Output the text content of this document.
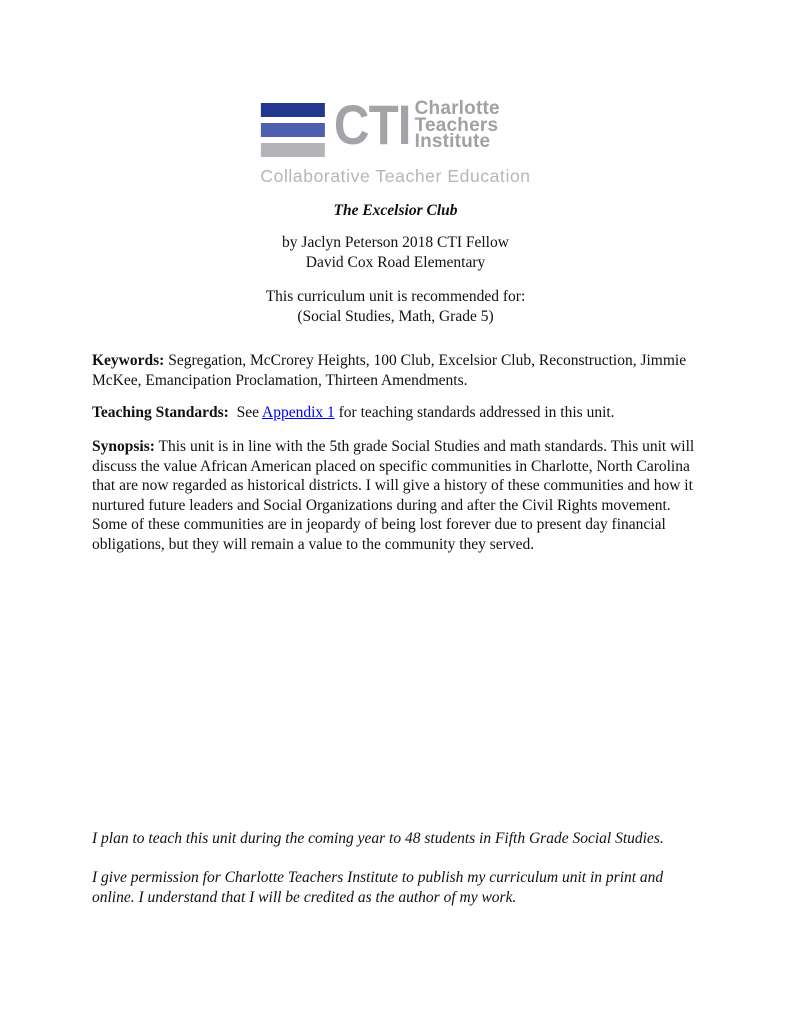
CTI Charlotte
Teachers
Institute
Collaborative Teacher Education
The Excelsior Club
by Jaclyn Peterson 2018 CTI Fellow
David Cox Road Elementary
This curriculum unit is recommended for:
(Social Studies, Math, Grade 5)
Keywords: Segregation, McCrorey Heights, 100 Club, Excelsior Club, Reconstruction, Jimmie McKee, Emancipation Proclamation, Thirteen Amendments.
Teaching Standards: See Appendix 1 for teaching standards addressed in this unit.
Synopsis: This unit is in line with the 5th grade Social Studies and math standards. This unit will discuss the value African American placed on specific communities in Charlotte, North Carolina that are now regarded as historical districts. I will give a history of these communities and how it nurtured future leaders and Social Organizations during and after the Civil Rights movement. Some of these communities are in jeopardy of being lost forever due to present day financial obligations, but they will remain a value to the community they served.
I plan to teach this unit during the coming year to 48 students in Fifth Grade Social Studies.
I give permission for Charlotte Teachers Institute to publish my curriculum unit in print and online. I understand that I will be credited as the author of my work.
